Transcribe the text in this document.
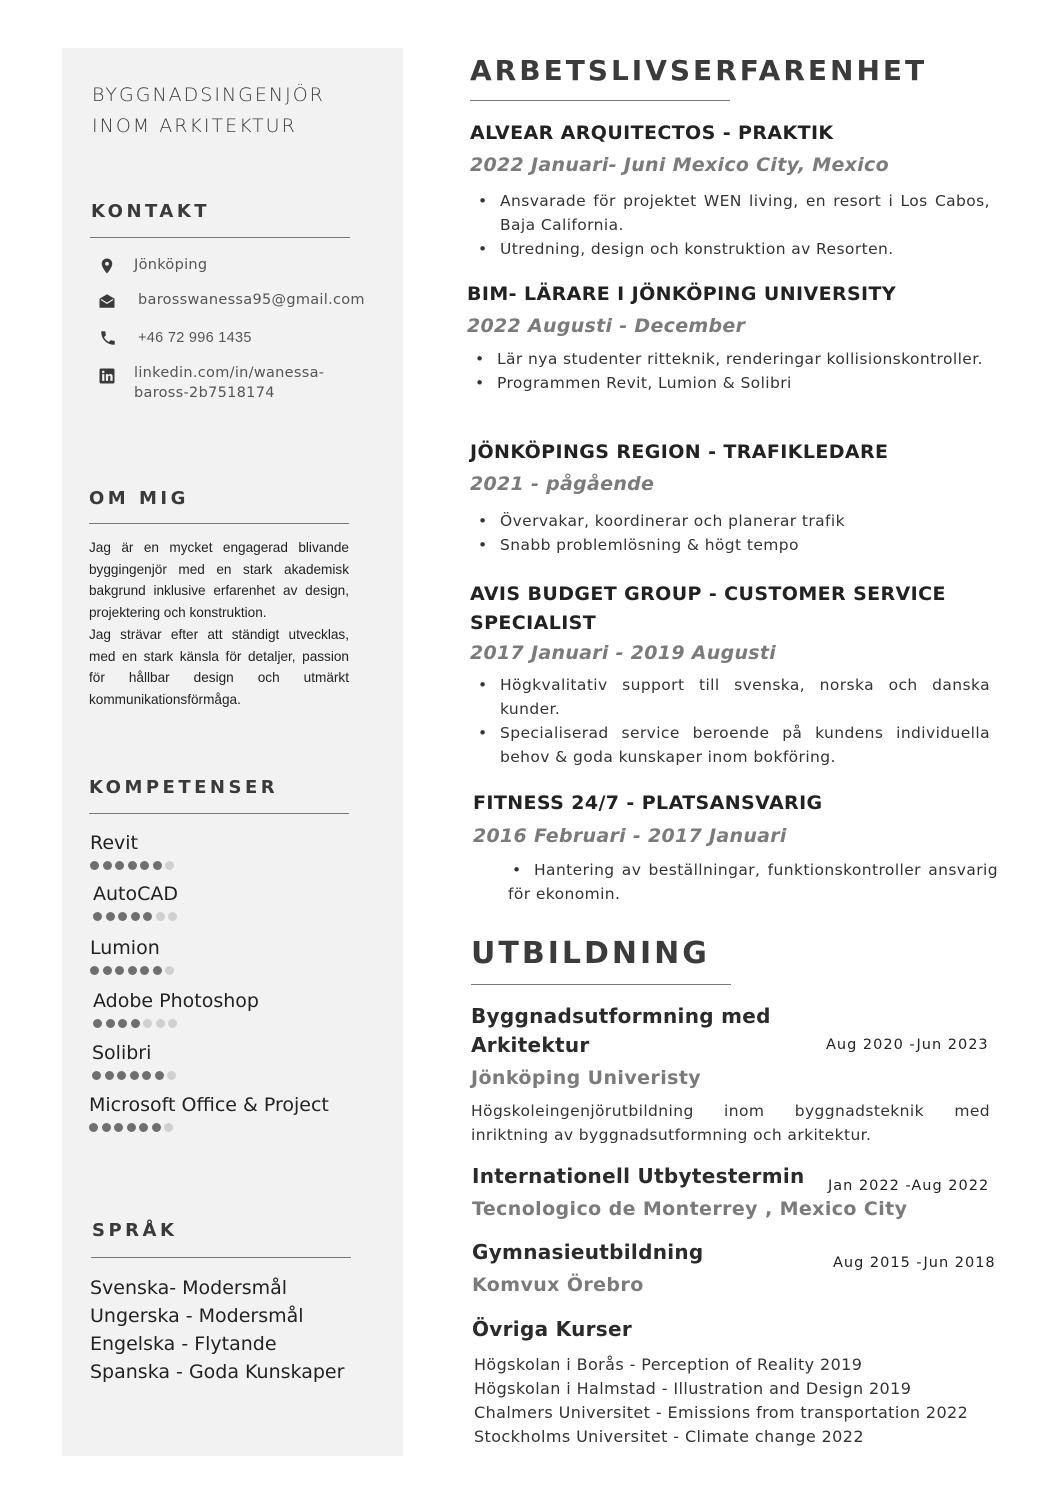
BYGGNADSINGENJÖR
INOM ARKITEKTUR
KONTAKT
Jönköping
barosswanessa95@gmail.com
+46 72 996 1435
linkedin.com/in/wanessa-
baross-2b7518174
OM MIG

Jag är en mycket engagerad blivande byggingenjör med en stark akademisk bakgrund inklusive erfarenhet av design, projektering och konstruktion.

Jag strävar efter att ständigt utvecklas, med en stark känsla för detaljer, passion för hållbar design och utmärkt kommunikationsförmåga.

KOMPETENSER
Revit
AutoCAD
Lumion
Adobe Photoshop
Solibri
Microsoft Office & Project
SPRÅK
Svenska- Modersmål
Ungerska - Modersmål
Engelska - Flytande
Spanska - Goda Kunskaper
ARBETSLIVSERFARENHET
ALVEAR ARQUITECTOS - PRAKTIK
2022 Januari- Juni Mexico City, Mexico
• Ansvarade för projektet WEN living, en resort i Los Cabos, Baja California.
• Utredning, design och konstruktion av Resorten.
BIM- LÄRARE I JÖNKÖPING UNIVERSITY
2022 Augusti - December
• Lär nya studenter ritteknik, renderingar kollisionskontroller.
• Programmen Revit, Lumion & Solibri
JÖNKÖPINGS REGION - TRAFIKLEDARE
2021 - pågående
• Övervakar, koordinerar och planerar trafik
• Snabb problemlösning & högt tempo
AVIS BUDGET GROUP - CUSTOMER SERVICE
SPECIALIST
2017 Januari - 2019 Augusti
• Högkvalitativ support till svenska, norska och danska kunder.
• Specialiserad service beroende på kundens individuella behov & goda kunskaper inom bokföring.
FITNESS 24/7 - PLATSANSVARIG
2016 Februari - 2017 Januari
• Hantering av beställningar, funktionskontroller ansvarig för ekonomin.
UTBILDNING
Byggnadsutformning med
Arkitektur	Aug 2020 -Jun 2023
Jönköping Univeristy
Högskoleingenjörutbildning inom byggnadsteknik med inriktning av byggnadsutformning och arkitektur.
Internationell Utbytestermin Jan 2022 -Aug 2022
Tecnologico de Monterrey , Mexico City
Gymnasieutbildning	Aug 2015 -Jun 2018
Komvux Örebro
Övriga Kurser
Högskolan i Borås - Perception of Reality 2019
Högskolan i Halmstad - Illustration and Design 2019
Chalmers Universitet - Emissions from transportation 2022
Stockholms Universitet - Climate change 2022
